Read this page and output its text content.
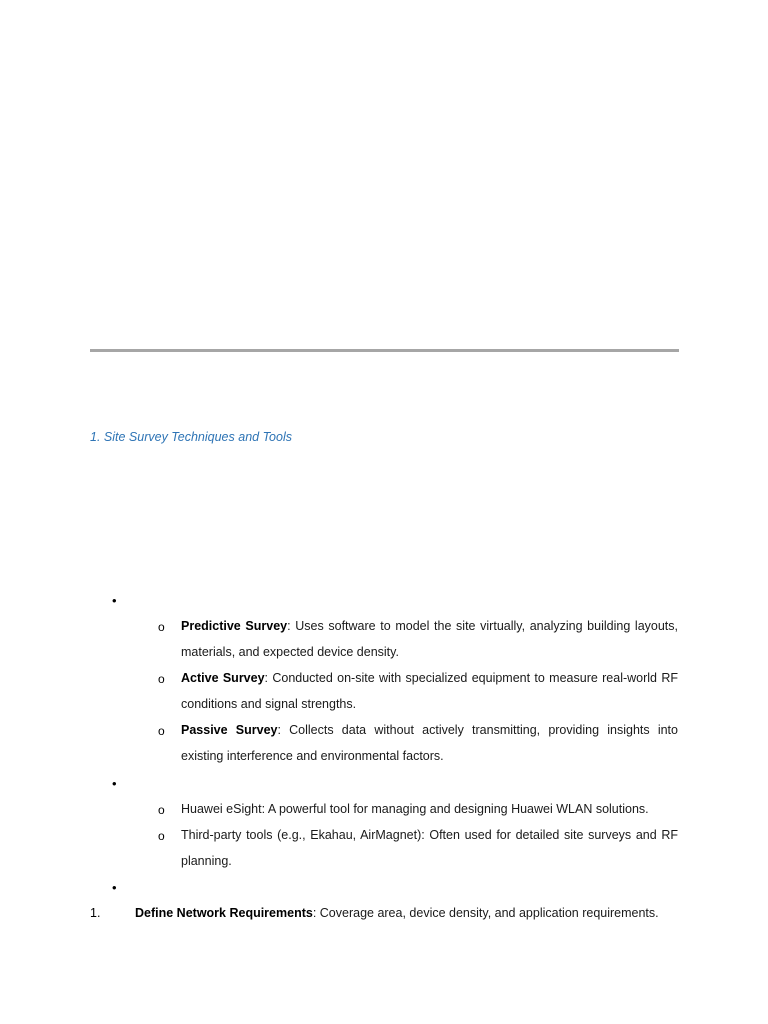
1. Site Survey Techniques and Tools
•
o Predictive Survey: Uses software to model the site virtually, analyzing building layouts, materials, and expected device density.
o Active Survey: Conducted on-site with specialized equipment to measure real-world RF conditions and signal strengths.
o Passive Survey: Collects data without actively transmitting, providing insights into existing interference and environmental factors.
•
o Huawei eSight: A powerful tool for managing and designing Huawei WLAN solutions.
o Third-party tools (e.g., Ekahau, AirMagnet): Often used for detailed site surveys and RF planning.
•
1.	Define Network Requirements: Coverage area, device density, and application requirements.
